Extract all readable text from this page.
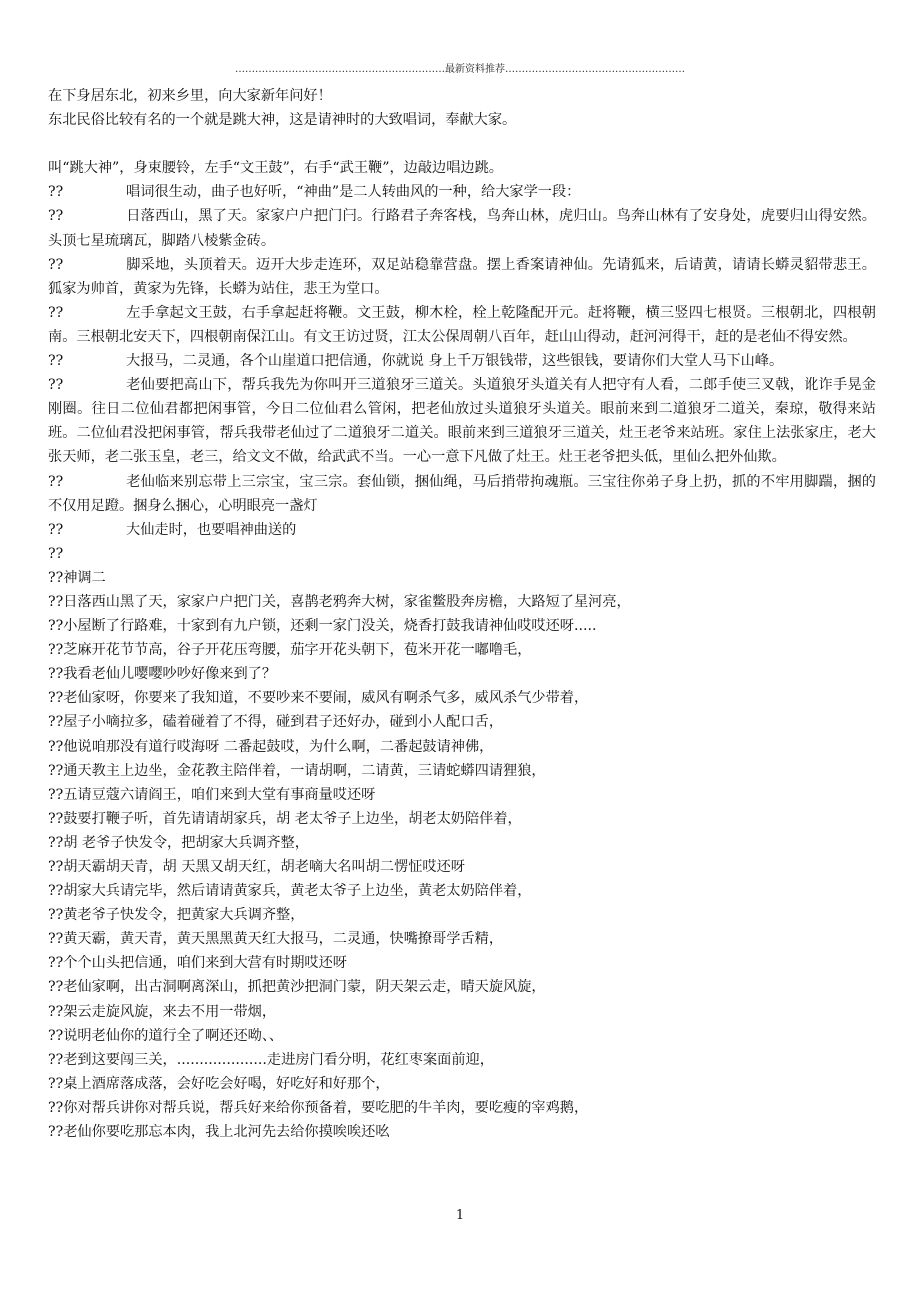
………………………………………………………最新资料推荐………………………………………………
在下身居东北，初来乡里，向大家新年问好！
东北民俗比较有名的一个就是跳大神，这是请神时的大致唱词，奉献大家。
叫“跳大神”，身束腰铃，左手“文王鼓”，右手“武王鞭”，边敲边唱边跳。
??	唱词很生动，曲子也好听，“神曲”是二人转曲风的一种，给大家学一段：
??	日落西山，黑了天。家家户户把门闩。行路君子奔客栈，鸟奔山林，虎归山。鸟奔山林有了安身处，虎要归山得安然。头顶七星琉璃瓦，脚踏八棱紫金砖。
??	脚采地，头顶着天。迈开大步走连环，双足站稳靠营盘。摆上香案请神仙。先请狐来，后请黄，请请长蟒灵貂带悲王。狐家为帅首，黄家为先锋，长蟒为站住，悲王为堂口。
??	左手拿起文王鼓，右手拿起赶将鞭。文王鼓，柳木栓，栓上乾隆配开元。赶将鞭，横三竖四七根贤。三根朝北，四根朝南。三根朝北安天下，四根朝南保江山。有文王访过贤，江太公保周朝八百年，赶山山得动，赶河河得干，赶的是老仙不得安然。
??	大报马，二灵通，各个山崖道口把信通，你就说 身上千万银钱带，这些银钱，要请你们大堂人马下山峰。
??	老仙要把高山下，帮兵我先为你叫开三道狼牙三道关。头道狼牙头道关有人把守有人看，二郎手使三叉戟，讹诈手晃金刚圈。往日二位仙君都把闲事管，今日二位仙君么管闲，把老仙放过头道狼牙头道关。眼前来到二道狼牙二道关，秦琼，敬得来站班。二位仙君没把闲事管，帮兵我带老仙过了二道狼牙二道关。眼前来到三道狼牙三道关，灶王老爷来站班。家住上法张家庄，老大张天师，老二张玉皇，老三，给文文不做，给武武不当。一心一意下凡做了灶王。灶王老爷把头低，里仙么把外仙欺。
??	老仙临来别忘带上三宗宝，宝三宗。套仙锁，捆仙绳，马后捎带拘魂瓶。三宝往你弟子身上扔，抓的不牢用脚踹，捆的不仅用足蹬。捆身么捆心，心明眼亮一盏灯
??	大仙走时，也要唱神曲送的
??
??神调二
??日落西山黑了天，家家户户把门关，喜鹊老鸦奔大树，家雀鳖股奔房檐，大路短了星河亮，
??小屋断了行路难，十家到有九户锁，还剩一家门没关，烧香打鼓我请神仙哎哎还呀.....
??芝麻开花节节高，谷子开花压弯腰，茄字开花头朝下，苞米开花一嘟噜毛，
??我看老仙儿嘤嘤吵吵好像来到了？
??老仙家呀，你要来了我知道，不要吵来不要闹，威风有啊杀气多，威风杀气少带着，
??屋子小嘀拉多，磕着碰着了不得，碰到君子还好办，碰到小人配口舌，
??他说咱那没有道行哎海呀 二番起鼓哎，为什么啊，二番起鼓请神佛，
??通天教主上边坐，金花教主陪伴着，一请胡啊，二请黄，三请蛇蟒四请狸狼，
??五请豆蔻六请阎王，咱们来到大堂有事商量哎还呀
??鼓要打鞭子听，首先请请胡家兵，胡 老太爷子上边坐，胡老太奶陪伴着，
??胡 老爷子快发令，把胡家大兵调齐整，
??胡天霸胡天青，胡 天黑又胡天红，胡老嘀大名叫胡二愣怔哎还呀
??胡家大兵请完毕，然后请请黄家兵，黄老太爷子上边坐，黄老太奶陪伴着，
??黄老爷子快发令，把黄家大兵调齐整，
??黄天霸，黄天青，黄天黑黑黄天红大报马，二灵通，快嘴撩哥学舌精，
??个个山头把信通，咱们来到大营有时期哎还呀
??老仙家啊，出古洞啊离深山，抓把黄沙把洞门蒙，阴天架云走，晴天旋风旋，
??架云走旋风旋，来去不用一带烟，
??说明老仙你的道行全了啊还还呦、、
??老到这要闯三关，....................走进房门看分明，花红枣案面前迎，
??桌上酒席落成落，会好吃会好喝，好吃好和好那个，
??你对帮兵讲你对帮兵说，帮兵好来给你预备着，要吃肥的牛羊肉，要吃瘦的宰鸡鹅，
??老仙你要吃那忘本肉，我上北河先去给你摸唉唉还吆
1
